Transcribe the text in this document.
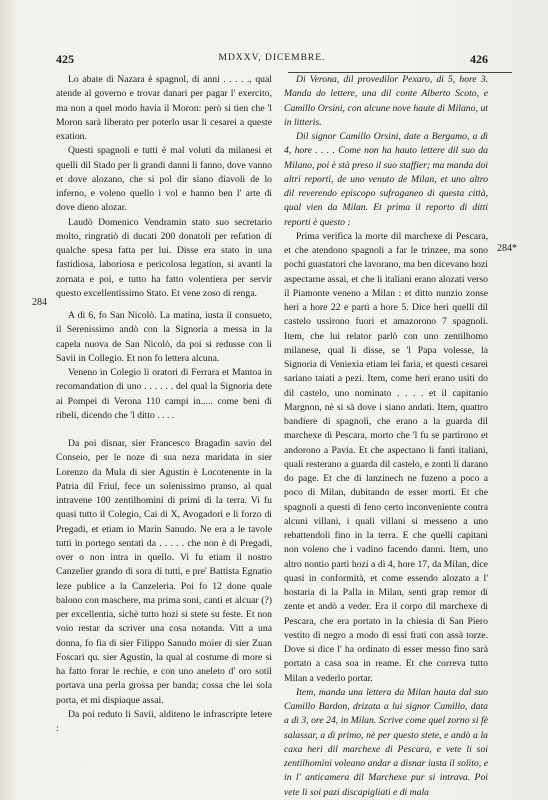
425	MDXXV, DICEMBRE.	426
284
284*

Lo abate di Nazara è spagnol, di anni . . . . ., qual atende al governo e trovar danari per pagar l' exercito, ma non a quel modo havia il Moron: però si tien che 'l Moron sarà liberato per poterlo usar li cesarei a queste exation.

Questi spagnoli e tutti è mal voluti da milanesi et quelli dil Stado per li grandi danni li fanno, dove vanno et dove alozano, che si pol dir siano diavoli de lo inferno, e voleno quello i vol e hanno ben l' arte di dove dieno alozar.

Laudò Domenico Vendramin stato suo secretario molto, ringratiò di ducati 200 donatoli per refation di qualche spesa fatta per lui. Disse era stato in una fastidiosa, laboriosa e pericolosa legation, si avanti la zornata e poi, e tutto ha fatto volentiera per servir questo excellentissimo Stato. Et vene zoso di renga.

A dì 6, fo San Nicolò. La matina, iusta il consueto, il Serenissimo andò con la Signoria a messa in la capela nuova de San Nicolò, da poi si redusse con li Savii in Collegio. Et non fo lettera alcuna.

Veneno in Colegio li oratori di Ferrara et Mantoa in recomandation di uno . . . . . . del qual la Signoria dete ai Pompei di Verona 110 campi in..... come beni di ribeli, dicendo che 'l ditto . . . .

Da poi disnar, sier Francesco Bragadin savio del Conseio, per le noze di sua neza maridata in sier Lorenzo da Mula di sier Agustin è Locotenente in la Patria dil Friul, fece un solenissimo pranso, al qual intravene 100 zentilhomini di primi di la terra. Vi fu quasi tutto il Colegio, Cai di X, Avogadori e li forzo di Pregadi, et etiam io Marin Sanudo. Ne era a le tavole tutti in portego sentati da . . . . . che non è di Pregadi, over o non intra in quello. Vi fu etiam il nostro Canzelier grando di sora di tutti, e pre' Battista Egnatio leze publice a la Canzeleria. Poi fo 12 done quale balono con maschere, ma prima soni, canti et alcuar (?) per excellentia, sichè tutto hozi si stete su feste. Et non voio restar da scriver una cosa notanda. Vitt a una donna, fo fia di sier Filippo Sanudo moier di sier Zuan Foscari qu. sier Agustin, la qual al costume di more si ha fatto forar le rechie, e con uno aneleto d' oro sotil portava una perla grossa per banda; cossa che lei sola porta, et mi dispiaque assai.

Da poi reduto li Savii, alditeno le infrascripte letere :

Di Verona, dil provedilor Pexaro, di 5, hore 3. Manda do lettere, una dil conte Alberto Scoto, e Camillo Orsini, con alcune nove haute di Milano, ut in litteris.

Dil signor Camillo Orsini, date a Bergamo, a dì 4, hore . . . . Come non ha hauto lettere dil suo da Milano, poi è stà preso il suo staffier; ma manda doi altri reporti, de uno venuto de Milan, et uno altro dil reverendo episcopo sufraganeo di questa città, qual vien da Milan. Et prima il reporto di ditti reporti è questo :

Prima verifica la morte dil marchexe di Pescara, et che atendono spagnoli a far le trinzee, ma sono pochi guastatori che lavorano, ma ben dicevano hozi aspectarne assai, et che li italiani erano alozati verso il Piamonte veneno a Milan : et ditto nunzio zonse heri a hore 22 e partì a hore 5. Dice heri quelli dil castelo ussirono fuori et amazorono 7 spagnoli. Item, che lui relator parlò con uno zentilhomo milanese, qual li disse, se 'l Papa volesse, la Signoria di Veniexia etiam lei faria, et questi cesarei sariano taiati a pezi. Item, come heri erano usiti do dil castelo, uno nominato . . . . et il capitanio Margnon, nè si sà dove i siano andati. Item, quattro bandiere di spagnoli, che erano a la guarda dil marchexe di Pescara, morto che 'l fu se partirono et andorono a Pavia. Et che aspectano li fanti italiani, quali resterano a guarda dil castelo, e zonti li darano do page. Et che di lanzinech ne fuzeno a poco a poco di Milan, dubitando de esser morti. Et che spagnoli a questi di feno certo inconveniente contra alcuni villani, i quali villani si messeno a uno rebattendoli fino in la terra. E che quelli capitani non voleno che i vadino facendo danni. Item, uno altro nontio partì hozi a dì 4, hore 17, da Milan, dice quasi in conformità, et come essendo alozato a l' hostaria di la Palla in Milan, senti grap remor di zente et andò a veder. Era il corpo dil marchexe di Pescara, che era portato in la chiesia di San Piero vestito di negro a modo di essi frati con assà torze. Dove si dice l' ha ordinato di esser messo fino sarà portato a casa soa in reame. Et che correva tutto Milan a vederlo portar.

Item, manda una lettera da Milan hauta dal suo Camillo Bardon, drizata a lui signor Camillo, data a dì 3, ore 24, in Milan. Scrive come quel zorno si fè salassar, a dì primo, nè per questo stete, e andò a la caxa heri dil marchexe di Pescara, e vete li soi zentilhomini voleano andar a disnar iusta il solito, e in l' anticamera dil Marchexe pur si intrava. Poi vete li soi pazi discapigliati e di mala
